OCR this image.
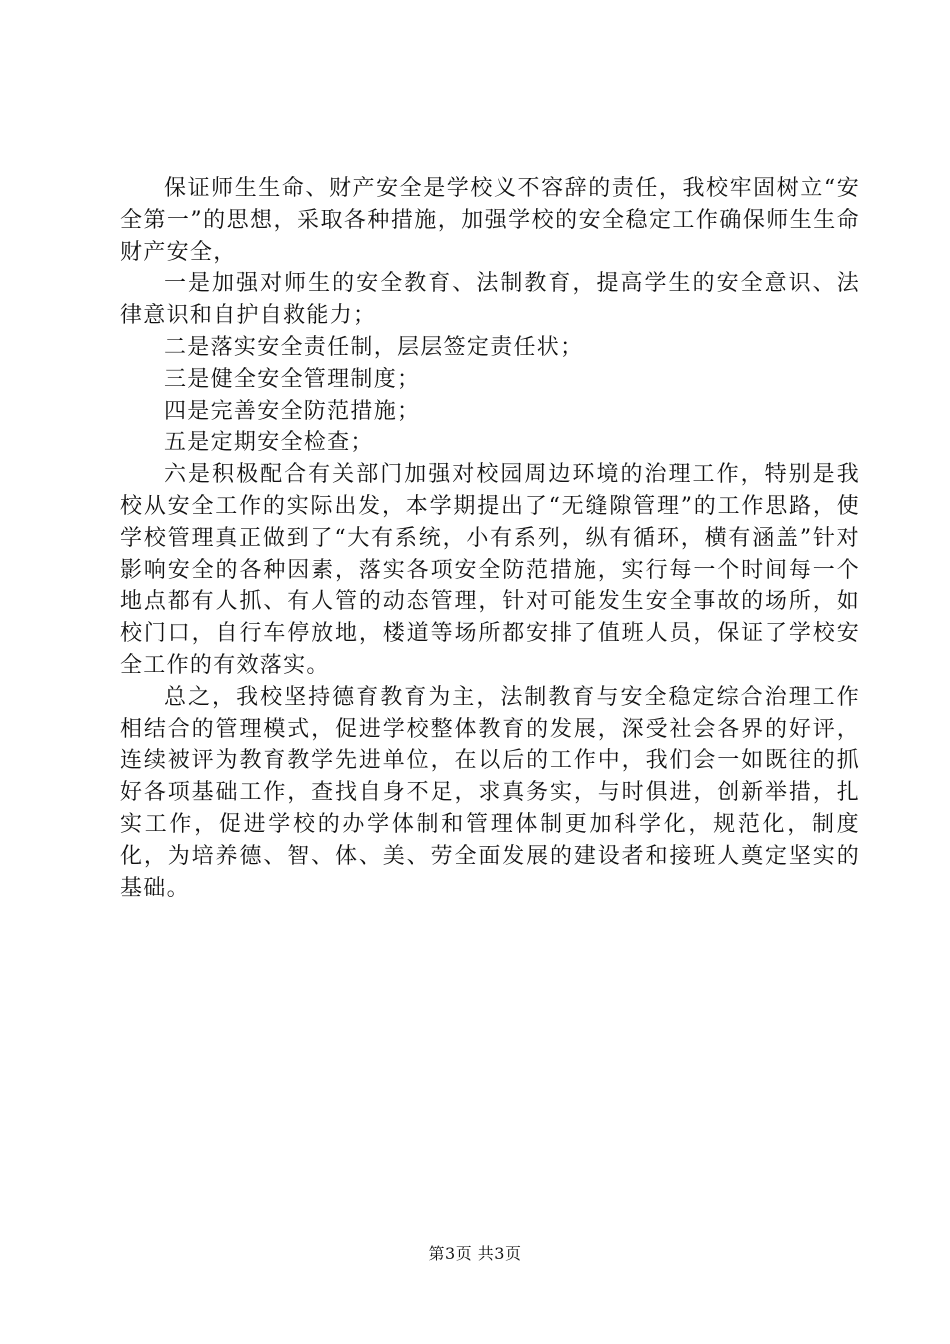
保证师生生命、财产安全是学校义不容辞的责任，我校牢固树立“安全第一”的思想，采取各种措施，加强学校的安全稳定工作确保师生生命财产安全，

一是加强对师生的安全教育、法制教育，提高学生的安全意识、法律意识和自护自救能力；

二是落实安全责任制，层层签定责任状；

三是健全安全管理制度；

四是完善安全防范措施；

五是定期安全检查；

六是积极配合有关部门加强对校园周边环境的治理工作，特别是我校从安全工作的实际出发，本学期提出了“无缝隙管理”的工作思路，使学校管理真正做到了“大有系统，小有系列，纵有循环，横有涵盖”针对影响安全的各种因素，落实各项安全防范措施，实行每一个时间每一个地点都有人抓、有人管的动态管理，针对可能发生安全事故的场所，如校门口，自行车停放地，楼道等场所都安排了值班人员，保证了学校安全工作的有效落实。

总之，我校坚持德育教育为主，法制教育与安全稳定综合治理工作相结合的管理模式，促进学校整体教育的发展，深受社会各界的好评，连续被评为教育教学先进单位，在以后的工作中，我们会一如既往的抓好各项基础工作，查找自身不足，求真务实，与时俱进，创新举措，扎实工作，促进学校的办学体制和管理体制更加科学化，规范化，制度化，为培养德、智、体、美、劳全面发展的建设者和接班人奠定坚实的基础。

第3页 共3页
